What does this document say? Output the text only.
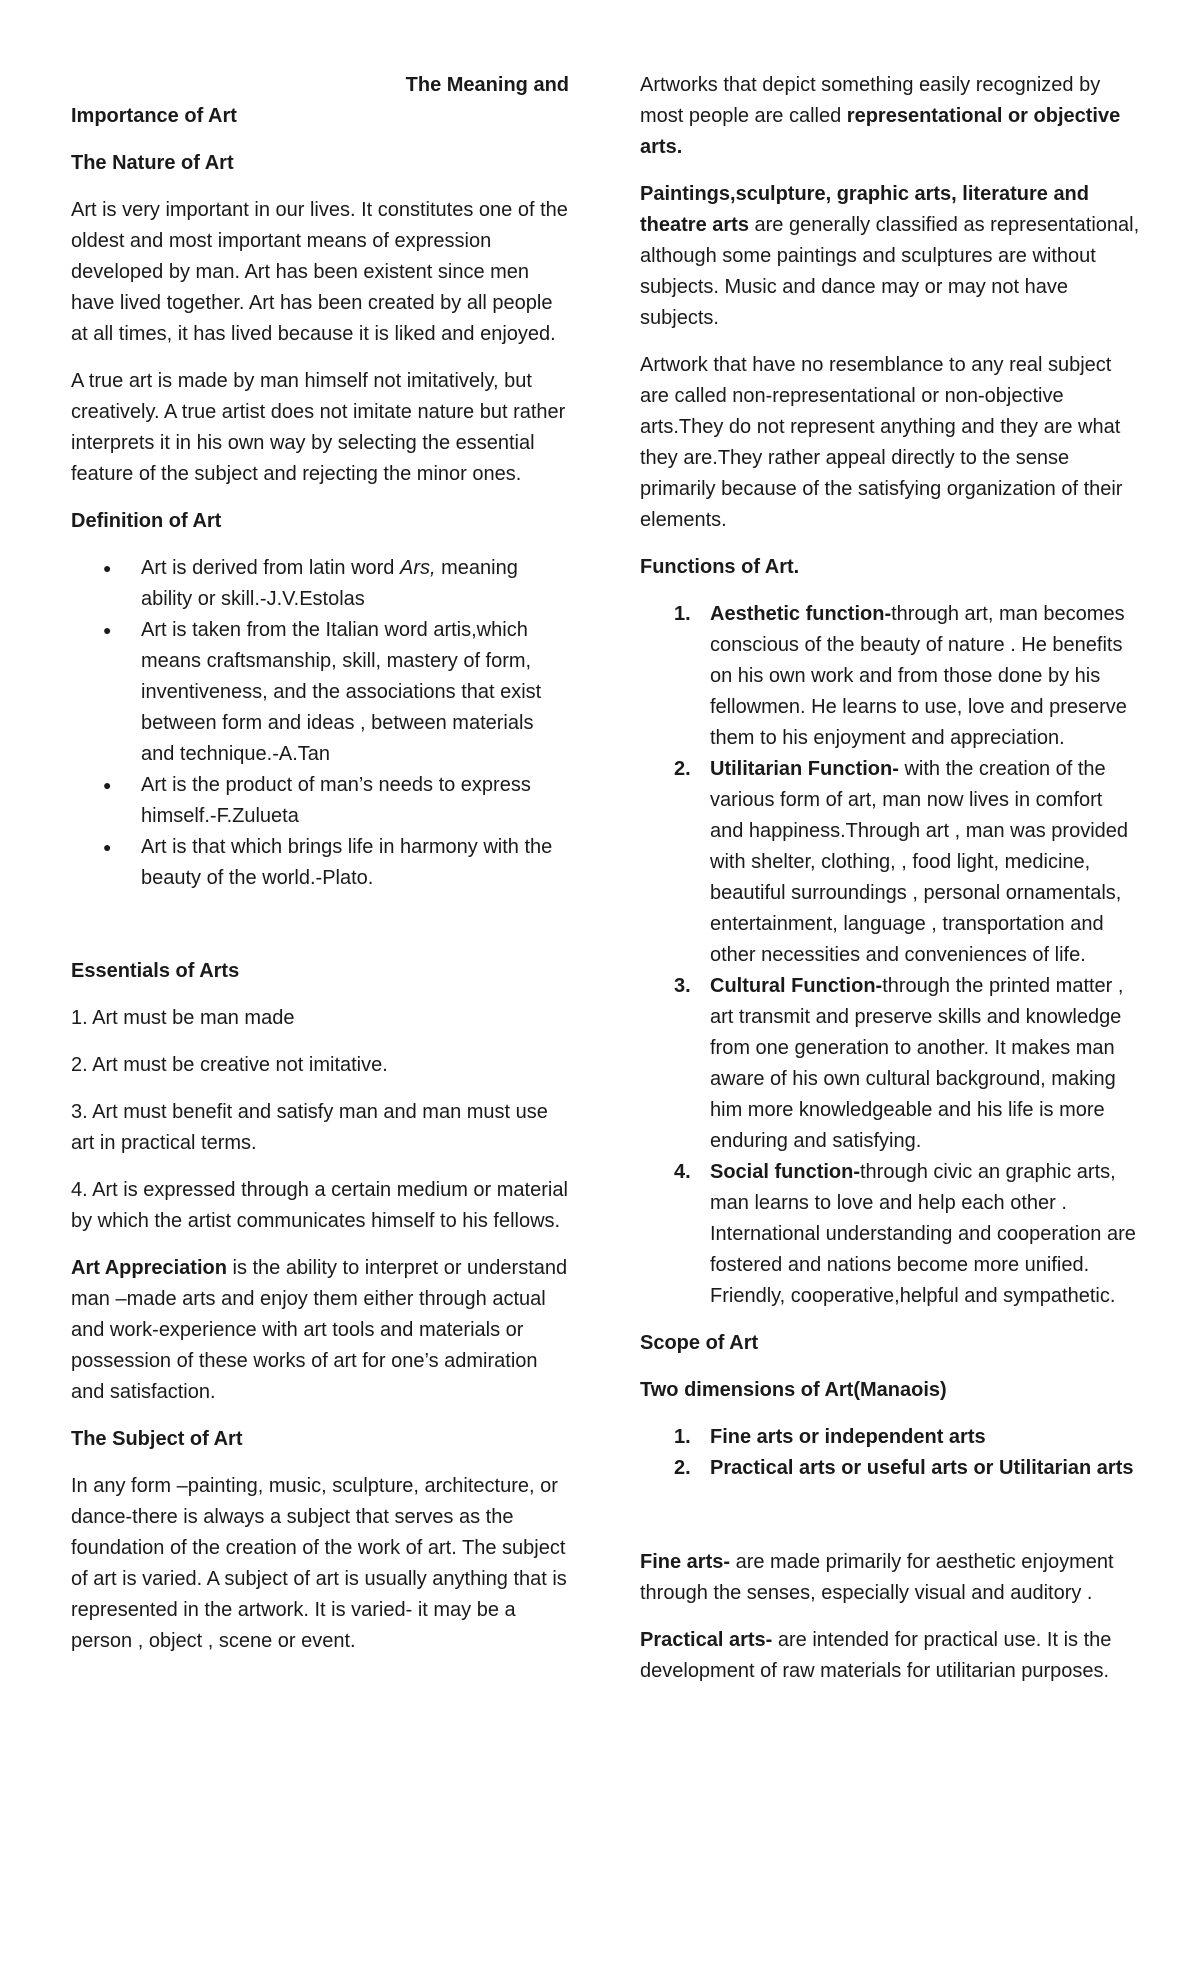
The Meaning and

Importance of Art

The Nature of Art

Art is very important in our lives. It constitutes one of the oldest and most important means of expression developed by man. Art has been existent since men have lived together. Art has been created by all people at all times, it has lived because it is liked and enjoyed.

A true art is made by man himself not imitatively, but creatively. A true artist does not imitate nature but rather interprets it in his own way by selecting the essential feature of the subject and rejecting the minor ones.

Definition of Art

● Art is derived from latin word Ars, meaning ability or skill.-J.V.Estolas
● Art is taken from the Italian word artis,which means craftsmanship, skill, mastery of form, inventiveness, and the associations that exist between form and ideas , between materials and technique.-A.Tan
● Art is the product of man’s needs to express himself.-F.Zulueta
● Art is that which brings life in harmony with the beauty of the world.-Plato.

Essentials of Arts

1. Art must be man made

2. Art must be creative not imitative.

3. Art must benefit and satisfy man and man must use art in practical terms.

4. Art is expressed through a certain medium or material by which the artist communicates himself to his fellows.

Art Appreciation is the ability to interpret or understand man –made arts and enjoy them either through actual and work-experience with art tools and materials or possession of these works of art for one’s admiration and satisfaction.

The Subject of Art

In any form –painting, music, sculpture, architecture, or dance-there is always a subject that serves as the foundation of the creation of the work of art. The subject of art is varied. A subject of art is usually anything that is represented in the artwork. It is varied- it may be a person , object , scene or event.

Artworks that depict something easily recognized by most people are called representational or objective arts.

Paintings,sculpture, graphic arts, literature and theatre arts are generally classified as representational, although some paintings and sculptures are without subjects. Music and dance may or may not have subjects.

Artwork that have no resemblance to any real subject are called non-representational or non-objective arts.They do not represent anything and they are what they are.They rather appeal directly to the sense primarily because of the satisfying organization of their elements.

Functions of Art.

1. Aesthetic function-through art, man becomes conscious of the beauty of nature . He benefits on his own work and from those done by his fellowmen. He learns to use, love and preserve them to his enjoyment and appreciation.
2. Utilitarian Function- with the creation of the various form of art, man now lives in comfort and happiness.Through art , man was provided with shelter, clothing, , food light, medicine, beautiful surroundings , personal ornamentals, entertainment, language , transportation and other necessities and conveniences of life.
3. Cultural Function-through the printed matter , art transmit and preserve skills and knowledge from one generation to another. It makes man aware of his own cultural background, making him more knowledgeable and his life is more enduring and satisfying.
4. Social function-through civic an graphic arts, man learns to love and help each other . International understanding and cooperation are fostered and nations become more unified. Friendly, cooperative,helpful and sympathetic.

Scope of Art

Two dimensions of Art(Manaois)

1. Fine arts or independent arts
2. Practical arts or useful arts or Utilitarian arts

Fine arts- are made primarily for aesthetic enjoyment through the senses, especially visual and auditory .

Practical arts- are intended for practical use. It is the development of raw materials for utilitarian purposes.
